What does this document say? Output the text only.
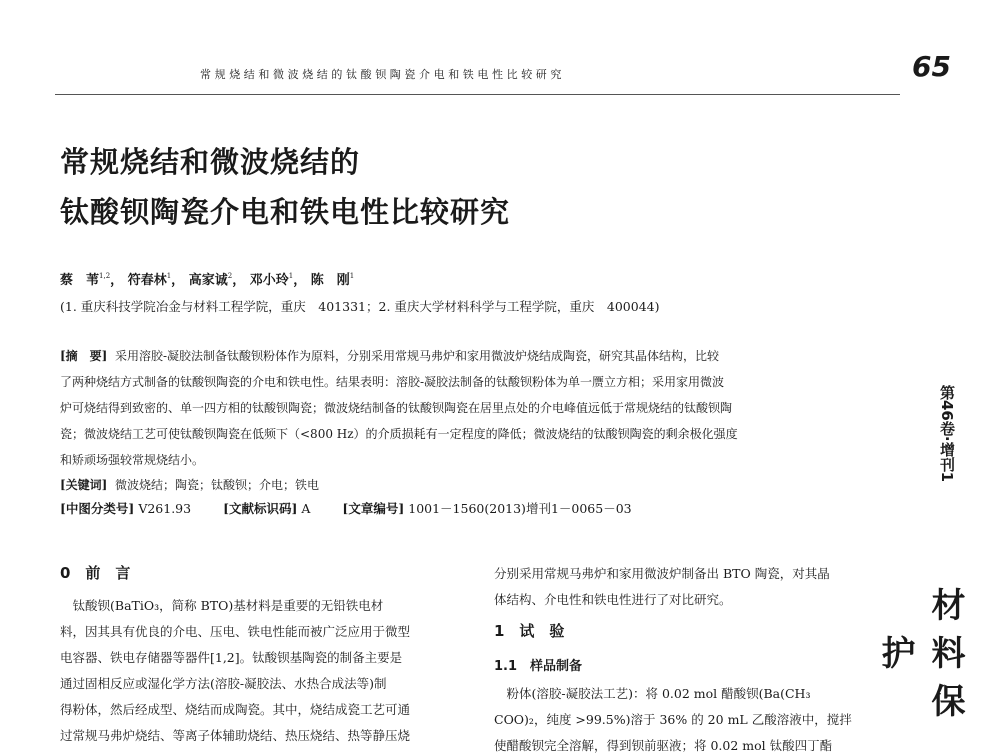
常规烧结和微波烧结的钛酸钡陶瓷介电和铁电性比较研究	65
常规烧结和微波烧结的
钛酸钡陶瓷介电和铁电性比较研究
蔡　苇$^{1,2}$， 符春林$^1$， 高家诚$^2$， 邓小玲$^1$， 陈　刚$^1$
(1. 重庆科技学院冶金与材料工程学院，重庆　401331；2. 重庆大学材料科学与工程学院，重庆　400044)
[摘　要] 采用溶胶-凝胶法制备钛酸钡粉体作为原料，分别采用常规马弗炉和家用微波炉烧结成陶瓷，研究其晶体结构，比较
了两种烧结方式制备的钛酸钡陶瓷的介电和铁电性。结果表明：溶胶-凝胶法制备的钛酸钡粉体为单一赝立方相；采用家用微波
炉可烧结得到致密的、单一四方相的钛酸钡陶瓷；微波烧结制备的钛酸钡陶瓷在居里点处的介电峰值远低于常规烧结的钛酸钡陶
瓷；微波烧结工艺可使钛酸钡陶瓷在低频下（<800 Hz）的介质损耗有一定程度的降低；微波烧结的钛酸钡陶瓷的剩余极化强度
和矫顽场强较常规烧结小。
[关键词] 微波烧结；陶瓷；钛酸钡；介电；铁电
[中图分类号] V261.93	[文献标识码] A	[文章编号] 1001－1560(2013)增刊1－0065－03
0　前　言
　钛酸钡(BaTiO₃，简称 BTO)基材料是重要的无铅铁电材
料，因其具有优良的介电、压电、铁电性能而被广泛应用于微型
电容器、铁电存储器等器件[1,2]。钛酸钡基陶瓷的制备主要是
通过固相反应或湿化学方法(溶胶-凝胶法、水热合成法等)制
得粉体，然后经成型、烧结而成陶瓷。其中，烧结成瓷工艺可通
过常规马弗炉烧结、等离子体辅助烧结、热压烧结、热等静压烧
分别采用常规马弗炉和家用微波炉制备出 BTO 陶瓷，对其晶
体结构、介电性和铁电性进行了对比研究。
1　试　验
1.1　样品制备
　粉体(溶胶-凝胶法工艺)：将 0.02 mol 醋酸钡(Ba(CH₃
COO)₂，纯度 >99.5%)溶于 36% 的 20 mL 乙酸溶液中，搅拌
使醋酸钡完全溶解，得到钡前驱液；将 0.02 mol 钛酸四丁酯
第46卷·增刊1
材料保护
